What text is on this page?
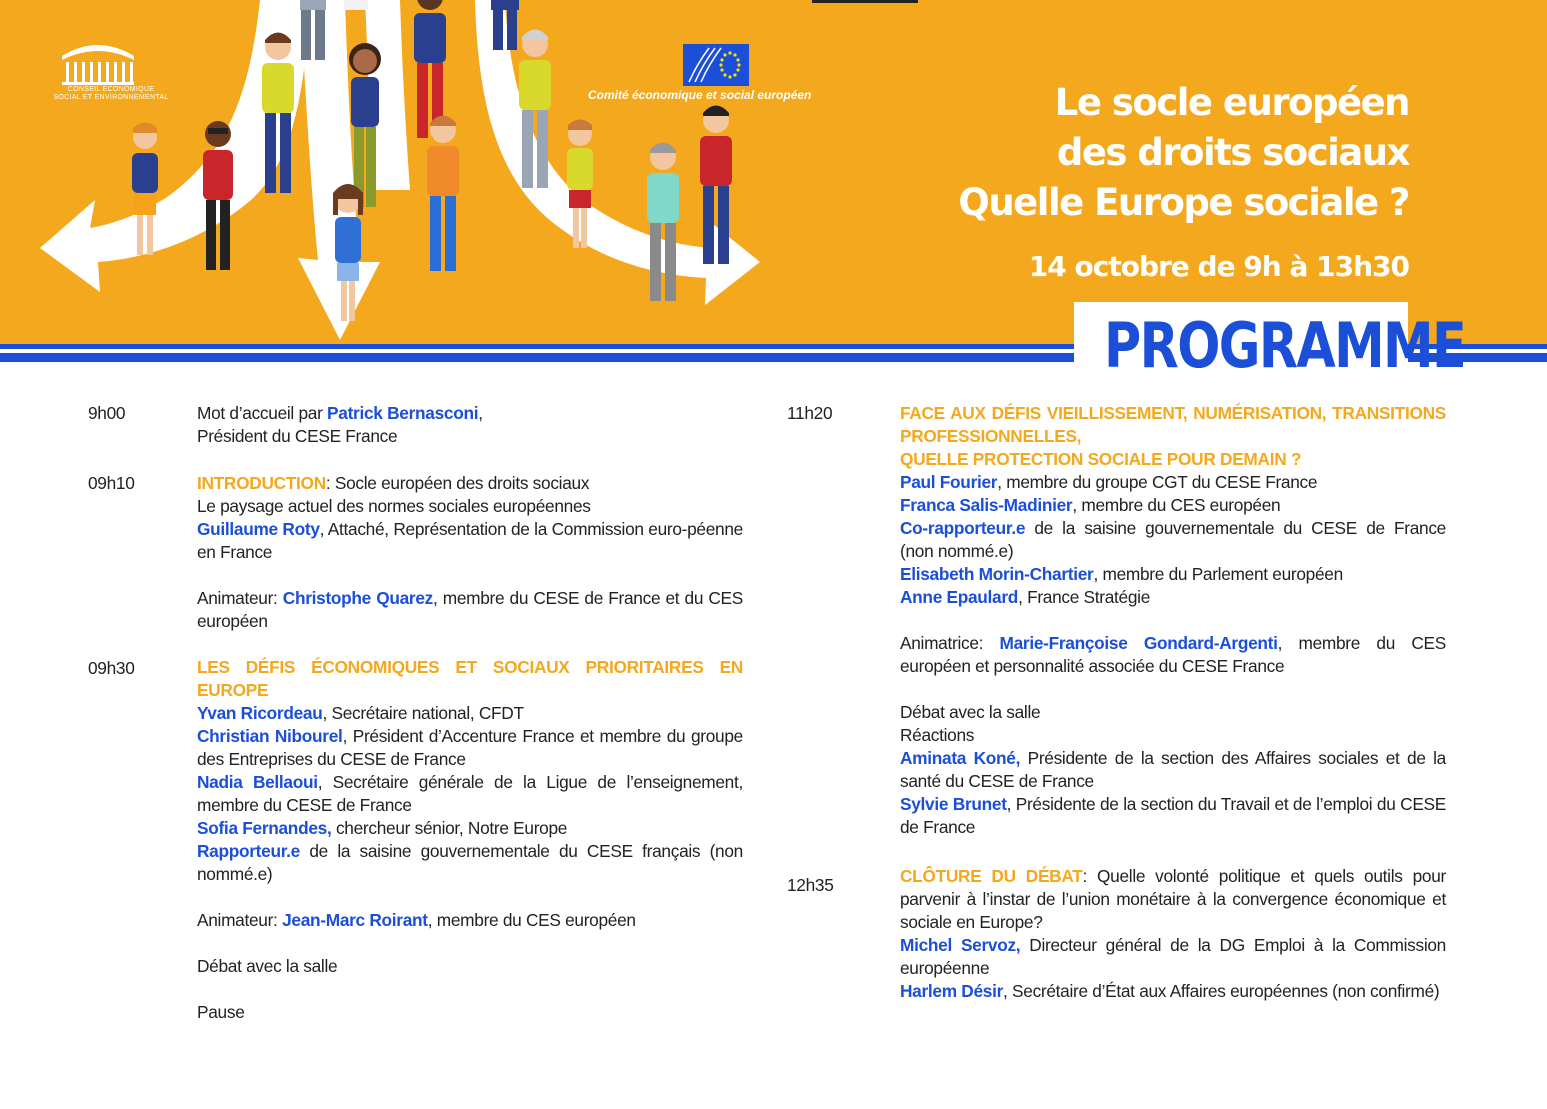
CONSEIL ÉCONOMIQUE
SOCIAL ET ENVIRONNEMENTAL	Comité économique et social européen	Le socle européen
des droits sociaux
Quelle Europe sociale ?
14 octobre de 9h à 13h30
PROGRAMME
9h00	Mot d’accueil par Patrick Bernasconi,

Président du CESE France

09h10	INTRODUCTION: Socle européen des droits sociaux

Le paysage actuel des normes sociales européennes

Guillaume Roty, Attaché, Représentation de la Commission euro-péenne en France

Animateur: Christophe Quarez, membre du CESE de France et du CES européen

09h30	LES DÉFIS ÉCONOMIQUES ET SOCIAUX PRIORITAIRES EN EUROPE

Yvan Ricordeau, Secrétaire national, CFDT

Christian Nibourel, Président d’Accenture France et membre du groupe des Entreprises du CESE de France

Nadia Bellaoui, Secrétaire générale de la Ligue de l’enseignement, membre du CESE de France

Sofia Fernandes, chercheur sénior, Notre Europe

Rapporteur.e de la saisine gouvernementale du CESE français (non nommé.e)

Animateur: Jean-Marc Roirant, membre du CES européen

Débat avec la salle

Pause

11h20	FACE AUX DÉFIS VIEILLISSEMENT, NUMÉRISATION, TRANSITIONS PROFESSIONNELLES,

QUELLE PROTECTION SOCIALE POUR DEMAIN ?

Paul Fourier, membre du groupe CGT du CESE France

Franca Salis-Madinier, membre du CES européen

Co-rapporteur.e de la saisine gouvernementale du CESE de France (non nommé.e)

Elisabeth Morin-Chartier, membre du Parlement européen

Anne Epaulard, France Stratégie

Animatrice: Marie-Françoise Gondard-Argenti, membre du CES européen et personnalité associée du CESE France

Débat avec la salle

Réactions

Aminata Koné, Présidente de la section des Affaires sociales et de la santé du CESE de France

Sylvie Brunet, Présidente de la section du Travail et de l’emploi du CESE de France

12h35	CLÔTURE DU DÉBAT: Quelle volonté politique et quels outils pour parvenir à l’instar de l’union monétaire à la convergence économique et sociale en Europe?

Michel Servoz, Directeur général de la DG Emploi à la Commission européenne

Harlem Désir, Secrétaire d’État aux Affaires européennes (non confirmé)
